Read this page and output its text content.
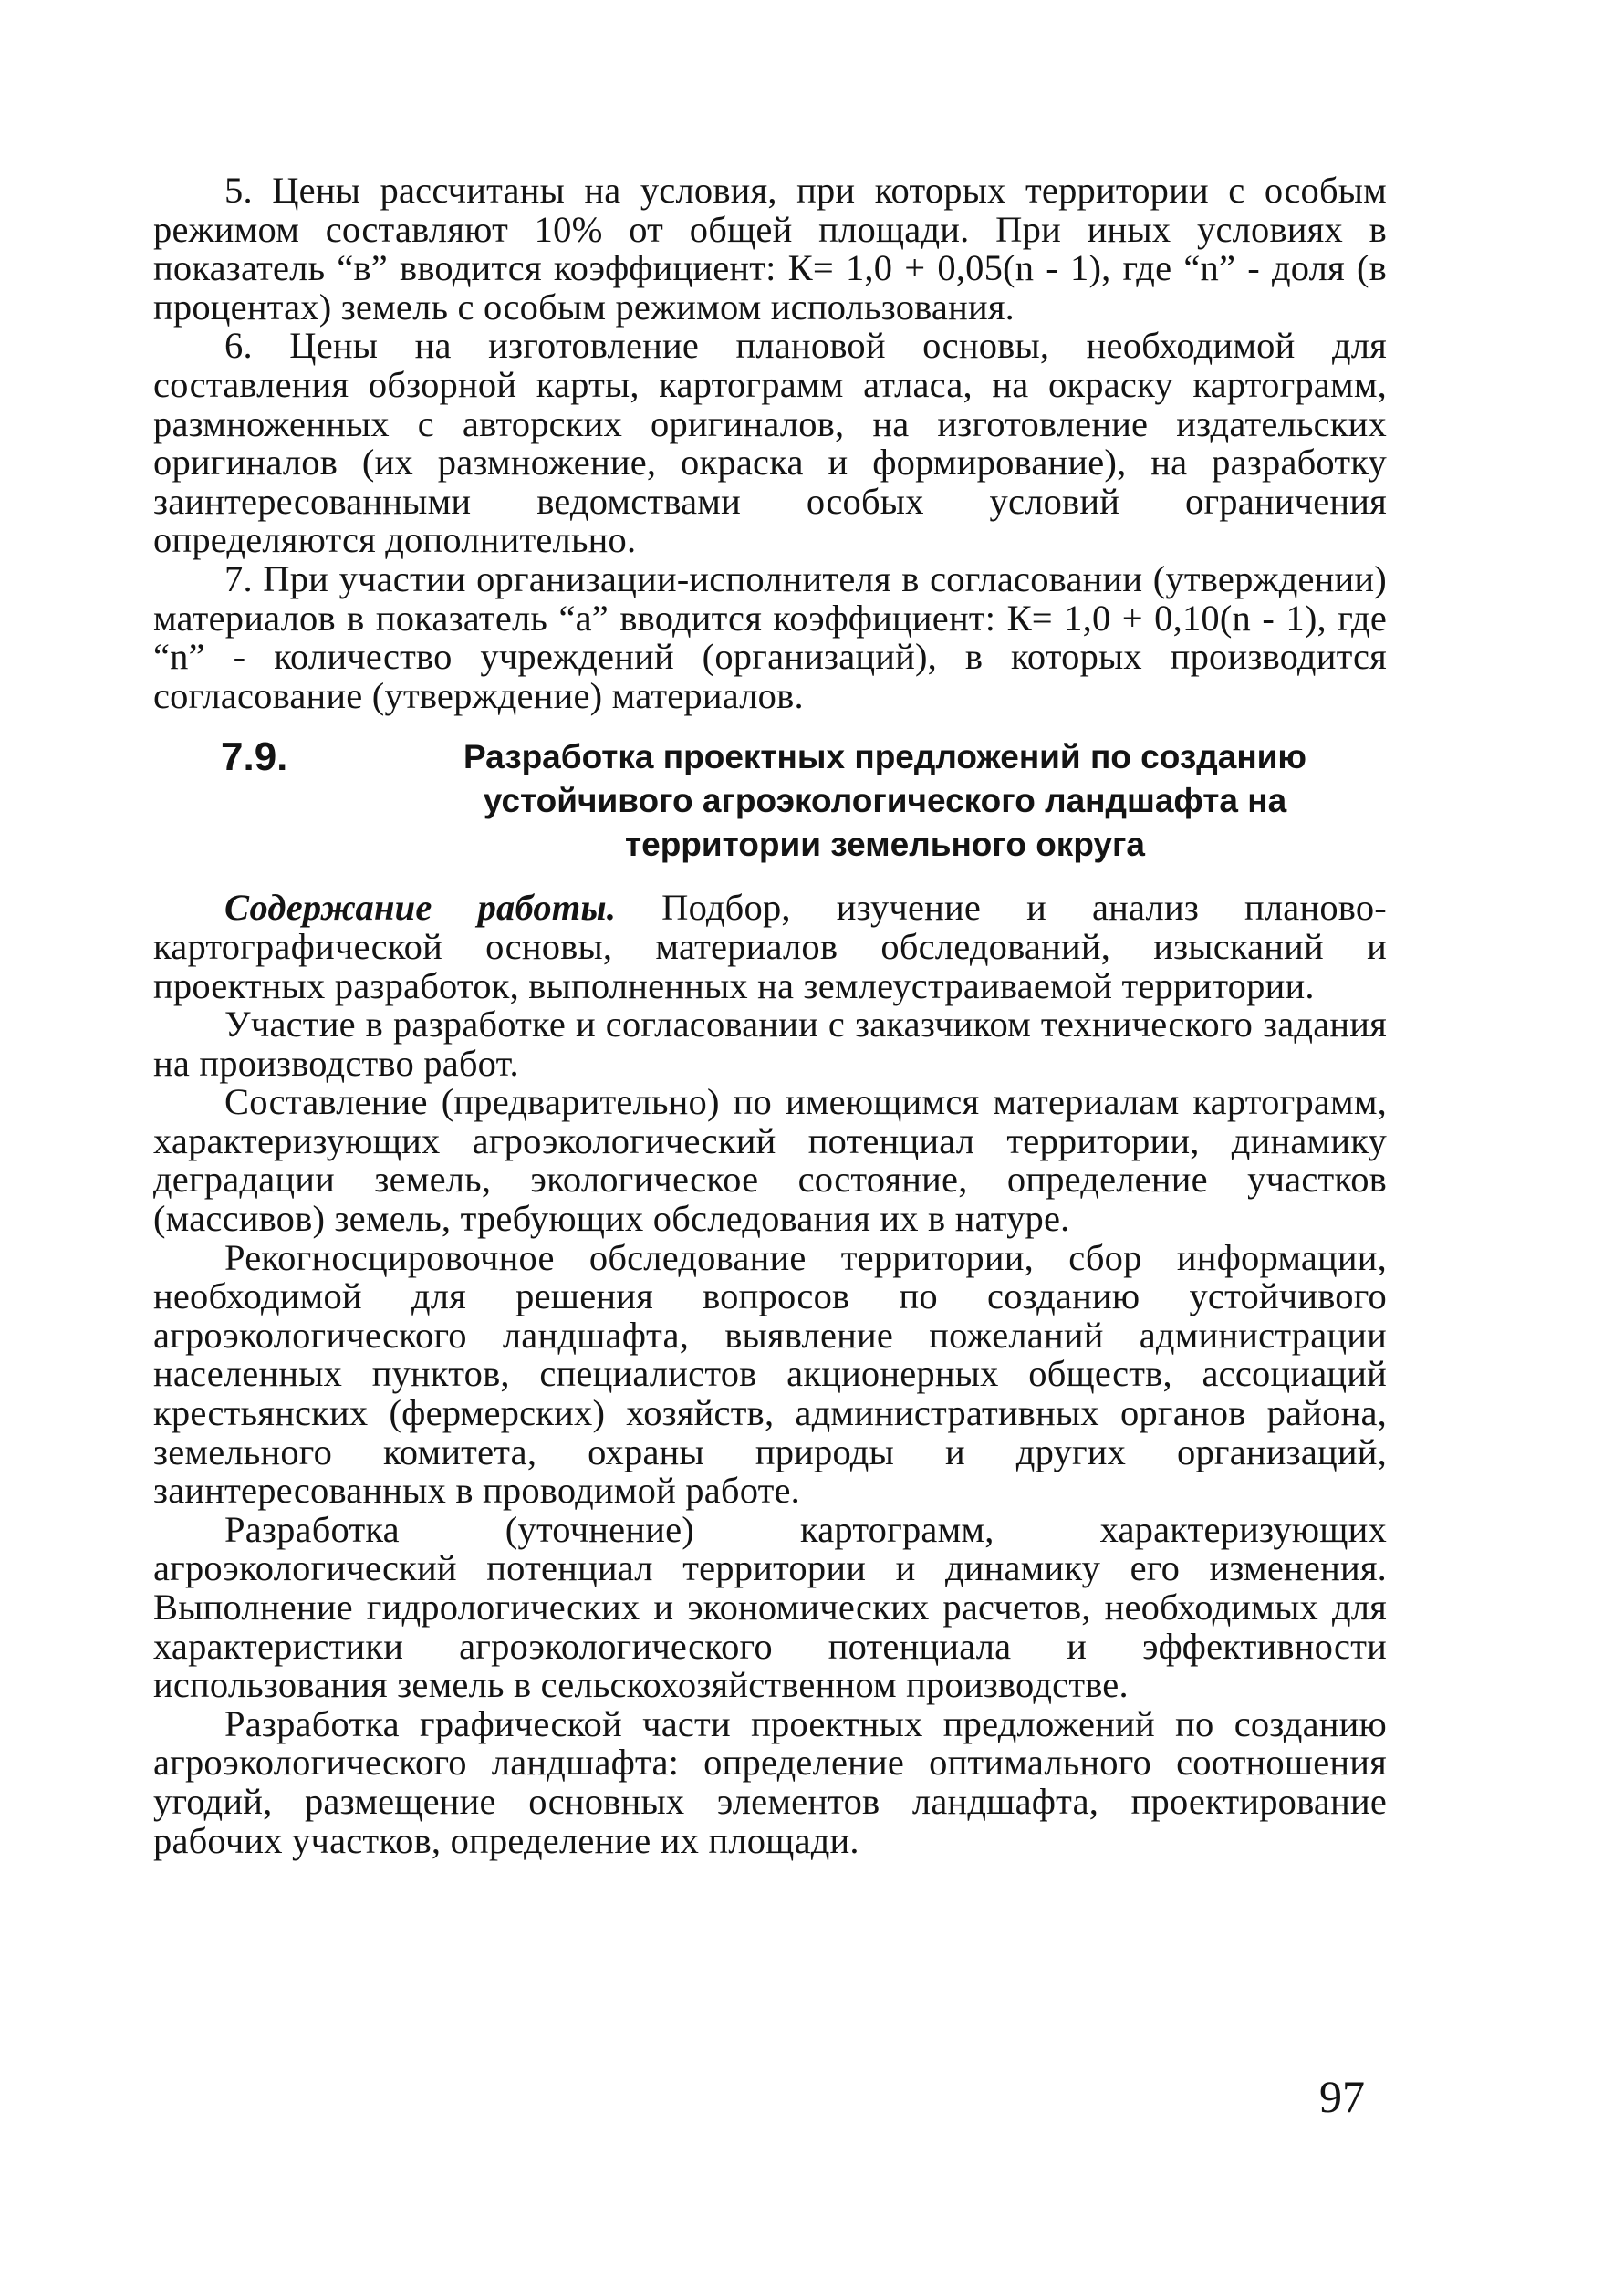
5. Цены рассчитаны на условия, при которых территории с особым режимом составляют 10% от общей площади. При иных условиях в показатель “в” вводится коэффициент: К= 1,0 + 0,05(n - 1), где “n” - доля (в процентах) земель с особым режимом использования.

6. Цены на изготовление плановой основы, необходимой для составления обзорной карты, картограмм атласа, на окраску картограмм, размноженных с авторских оригиналов, на изготовление издательских оригиналов (их размножение, окраска и формирование), на разработку заинтересованными ведомствами особых условий ограничения определяются дополнительно.

7. При участии организации-исполнителя в согласовании (утверждении) материалов в показатель “а” вводится коэффициент: К= 1,0 + 0,10(n - 1), где “n” - количество учреждений (организаций), в которых производится согласование (утверждение) материалов.

7.9.	Разработка проектных предложений по созданию устойчивого агроэкологического ландшафта на территории земельного округа

Содержание работы. Подбор, изучение и анализ планово-картографической основы, материалов обследований, изысканий и проектных разработок, выполненных на землеустраиваемой территории.

Участие в разработке и согласовании с заказчиком технического задания на производство работ.

Составление (предварительно) по имеющимся материалам картограмм, характеризующих агроэкологический потенциал территории, динамику деградации земель, экологическое состояние, определение участков (массивов) земель, требующих обследования их в натуре.

Рекогносцировочное обследование территории, сбор информации, необходимой для решения вопросов по созданию устойчивого агроэкологического ландшафта, выявление пожеланий администрации населенных пунктов, специалистов акционерных обществ, ассоциаций крестьянских (фермерских) хозяйств, административных органов района, земельного комитета, охраны природы и других организаций, заинтересованных в проводимой работе.

Разработка (уточнение) картограмм, характеризующих агроэкологический потенциал территории и динамику его изменения. Выполнение гидрологических и экономических расчетов, необходимых для характеристики агроэкологического потенциала и эффективности использования земель в сельскохозяйственном производстве.

Разработка графической части проектных предложений по созданию агроэкологического ландшафта: определение оптимального соотношения угодий, размещение основных элементов ландшафта, проектирование рабочих участков, определение их площади.

97
